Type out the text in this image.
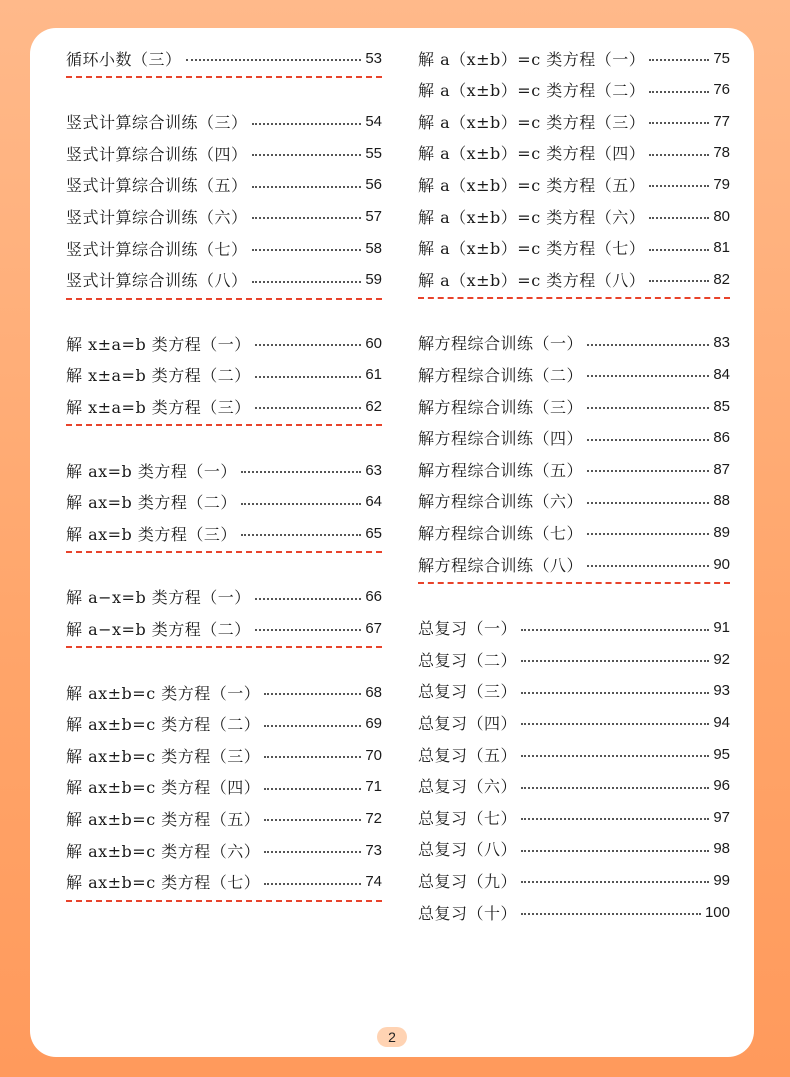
循环小数（三）	53
竖式计算综合训练（三）	54
竖式计算综合训练（四）	55
竖式计算综合训练（五）	56
竖式计算综合训练（六）	57
竖式计算综合训练（七）	58
竖式计算综合训练（八）	59
解 x±a=b 类方程（一）	60
解 x±a=b 类方程（二）	61
解 x±a=b 类方程（三）	62
解 ax=b 类方程（一）	63
解 ax=b 类方程（二）	64
解 ax=b 类方程（三）	65
解 a−x=b 类方程（一）	66
解 a−x=b 类方程（二）	67
解 ax±b=c 类方程（一）	68
解 ax±b=c 类方程（二）	69
解 ax±b=c 类方程（三）	70
解 ax±b=c 类方程（四）	71
解 ax±b=c 类方程（五）	72
解 ax±b=c 类方程（六）	73
解 ax±b=c 类方程（七）	74
解 a（x±b）=c 类方程（一）	75
解 a（x±b）=c 类方程（二）	76
解 a（x±b）=c 类方程（三）	77
解 a（x±b）=c 类方程（四）	78
解 a（x±b）=c 类方程（五）	79
解 a（x±b）=c 类方程（六）	80
解 a（x±b）=c 类方程（七）	81
解 a（x±b）=c 类方程（八）	82
解方程综合训练（一）	83
解方程综合训练（二）	84
解方程综合训练（三）	85
解方程综合训练（四）	86
解方程综合训练（五）	87
解方程综合训练（六）	88
解方程综合训练（七）	89
解方程综合训练（八）	90
总复习（一）	91
总复习（二）	92
总复习（三）	93
总复习（四）	94
总复习（五）	95
总复习（六）	96
总复习（七）	97
总复习（八）	98
总复习（九）	99
总复习（十）	100
2
